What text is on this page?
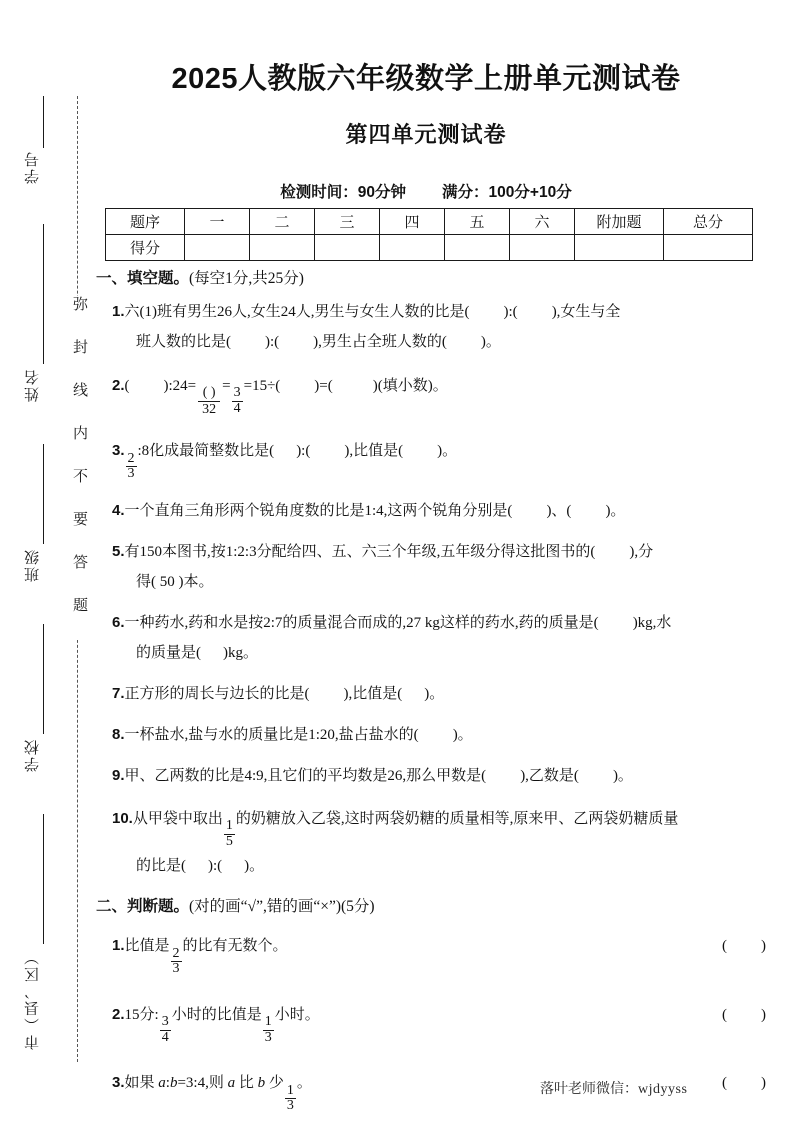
学号
姓名
班级
学校
市（县、区）
弥封线内不要答题
2025人教版六年级数学上册单元测试卷
第四单元测试卷
检测时间：90分钟 满分：100分+10分
题序	一	二	三	四	五	六	附加题	总分
得分								
一、填空题。(每空1分,共25分)
1.六(1)班有男生26人,女生24人,男生与女生人数的比是( ):( ),女生与全
班人数的比是( ):( ),男生占全班人数的( )。
2.( ):24= $\frac{( )}{32}$ =
$\frac{3}{4}$
=15÷( )=(	)(填小数)。
3.
$\frac{2}{3}$
:8化成最简整数比是( ):( ),比值是( )。
4.一个直角三角形两个锐角度数的比是1:4,这两个锐角分别是( )、( )。
5.有150本图书,按1:2:3分配给四、五、六三个年级,五年级分得这批图书的( ),分
得( 50 )本。
6.一种药水,药和水是按2:7的质量混合而成的,27 kg这样的药水,药的质量是( )kg,水
的质量是( )kg。
7.正方形的周长与边长的比是( ),比值是( )。
8.一杯盐水,盐与水的质量比是1:20,盐占盐水的( )。
9.甲、乙两数的比是4:9,且它们的平均数是26,那么甲数是( ),乙数是( )。
10.从甲袋中取出
$\frac{1}{5}$
的奶糖放入乙袋,这时两袋奶糖的质量相等,原来甲、乙两袋奶糖质量
的比是( ):( )。
二、判断题。(对的画“√”,错的画“×”)(5分)
1.比值是
$\frac{2}{3}$
的比有无数个。	( )
2.15分:
$\frac{3}{4}$
小时的比值是
$\frac{1}{3}$
小时。	( )
3.如果 a:b=3:4,则 a 比 b 少
$\frac{1}{3}$
。	( )
落叶老师微信：wjdyyss
